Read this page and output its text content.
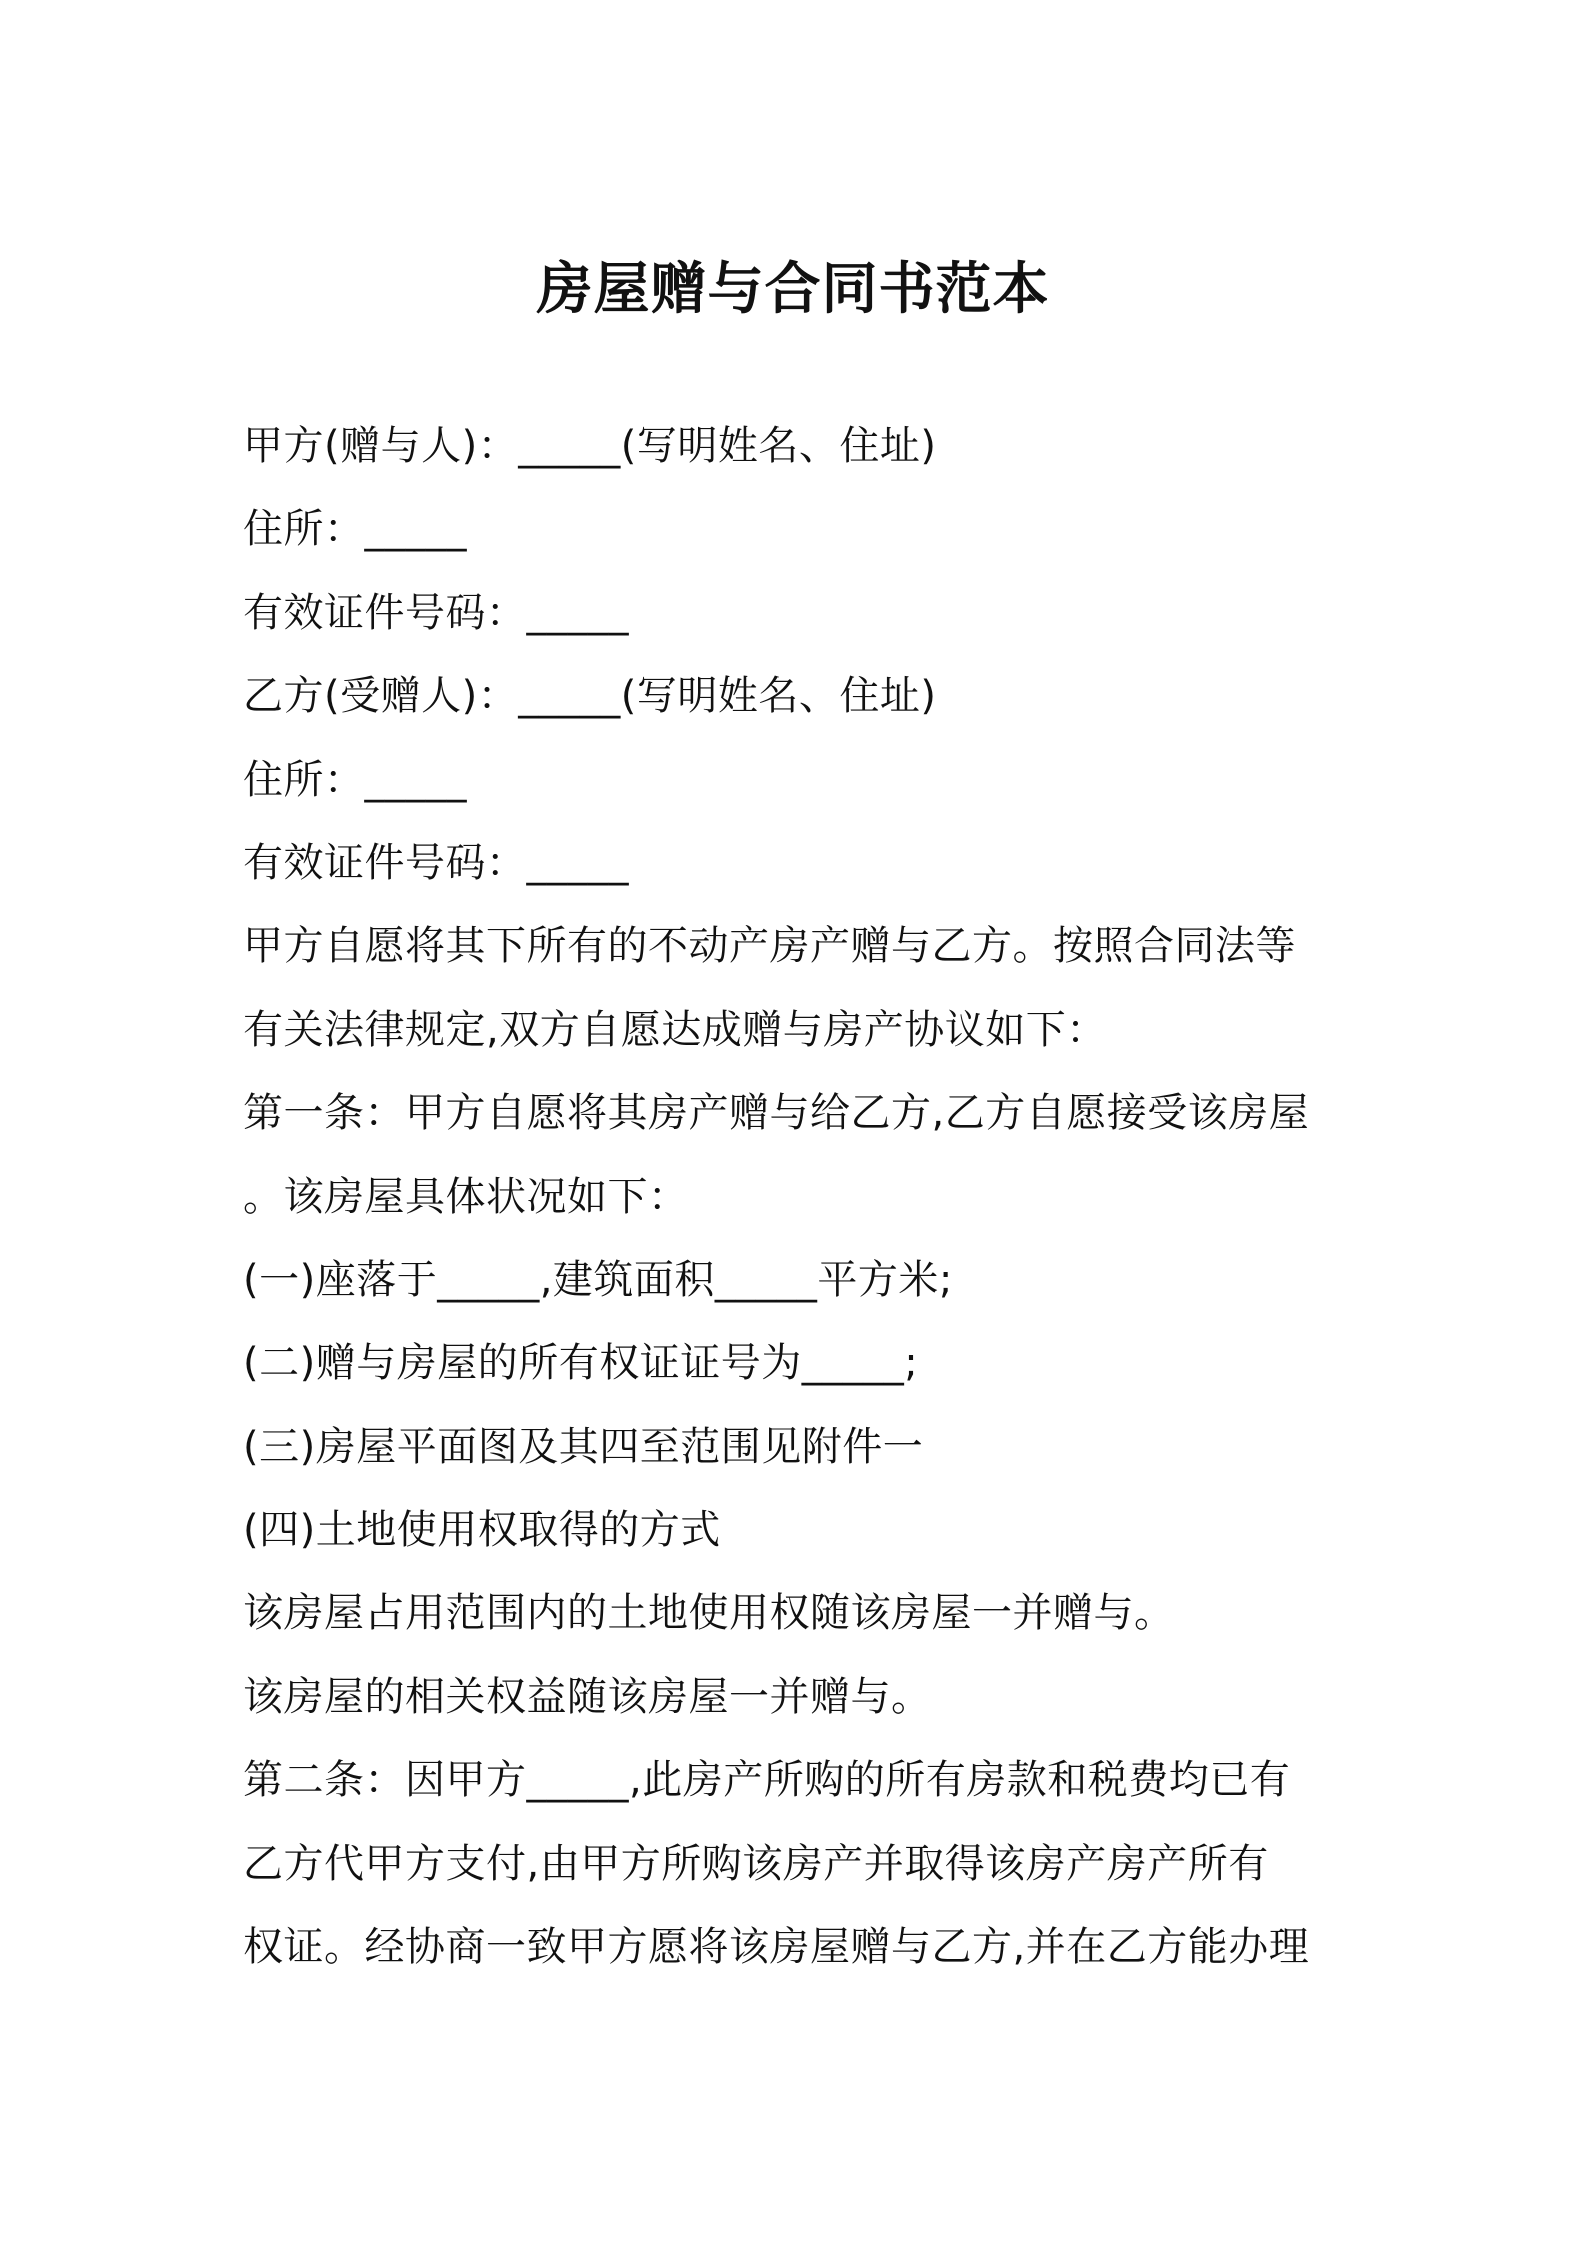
房屋赠与合同书范本
甲方(赠与人)：_____(写明姓名、住址)
住所：_____
有效证件号码：_____
乙方(受赠人)：_____(写明姓名、住址)
住所：_____
有效证件号码：_____
甲方自愿将其下所有的不动产房产赠与乙方。按照合同法等
有关法律规定,双方自愿达成赠与房产协议如下：
第一条：甲方自愿将其房产赠与给乙方,乙方自愿接受该房屋
。该房屋具体状况如下：
(一)座落于_____,建筑面积_____平方米;
(二)赠与房屋的所有权证证号为_____;
(三)房屋平面图及其四至范围见附件一
(四)土地使用权取得的方式
该房屋占用范围内的土地使用权随该房屋一并赠与。
该房屋的相关权益随该房屋一并赠与。
第二条：因甲方_____,此房产所购的所有房款和税费均已有
乙方代甲方支付,由甲方所购该房产并取得该房产房产所有
权证。经协商一致甲方愿将该房屋赠与乙方,并在乙方能办理
